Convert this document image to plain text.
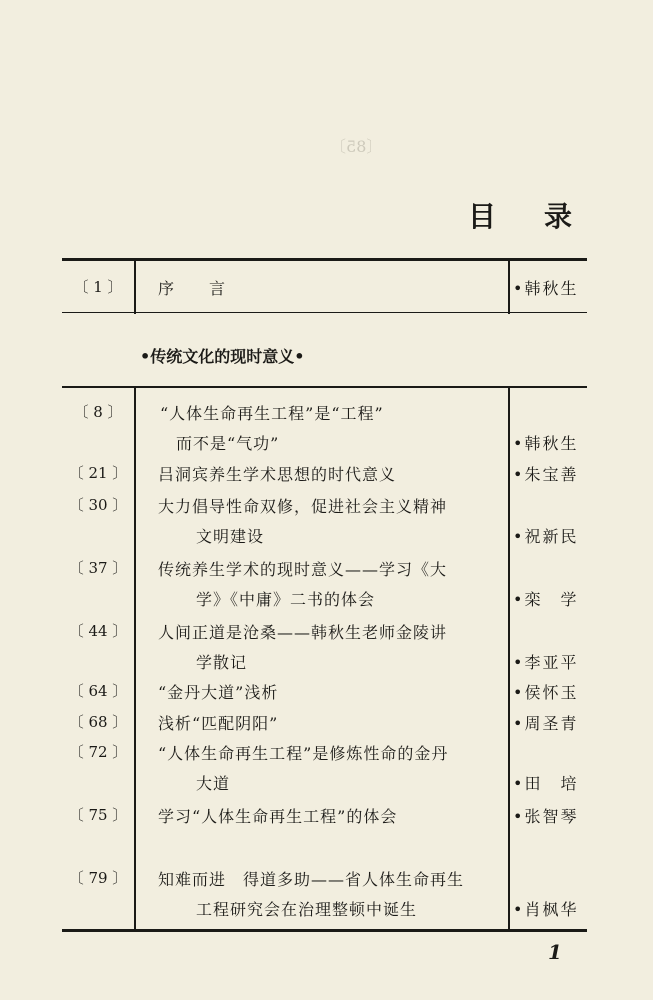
〔85〕
目 录
〔 1 〕	序　　言	•韩秋生
•传统文化的现时意义•
〔 8 〕	“人体生命再生工程”是“工程”
而不是“气功”	•韩秋生
〔 21 〕 吕洞宾养生学术思想的时代意义	•朱宝善
〔 30 〕 大力倡导性命双修，促进社会主义精神
文明建设	•祝新民
〔 37 〕 传统养生学术的现时意义——学习《大
学》《中庸》二书的体会	•栾　学
〔 44 〕 人间正道是沧桑——韩秋生老师金陵讲
学散记	•李亚平
〔 64 〕 “金丹大道”浅析	•侯怀玉
〔 68 〕 浅析“匹配阴阳”	•周圣青
〔 72 〕 “人体生命再生工程”是修炼性命的金丹
大道	•田　培
〔 75 〕 学习“人体生命再生工程”的体会	•张智琴
〔 79 〕 知难而进　得道多助——省人体生命再生
工程研究会在治理整顿中诞生	•肖枫华
1
